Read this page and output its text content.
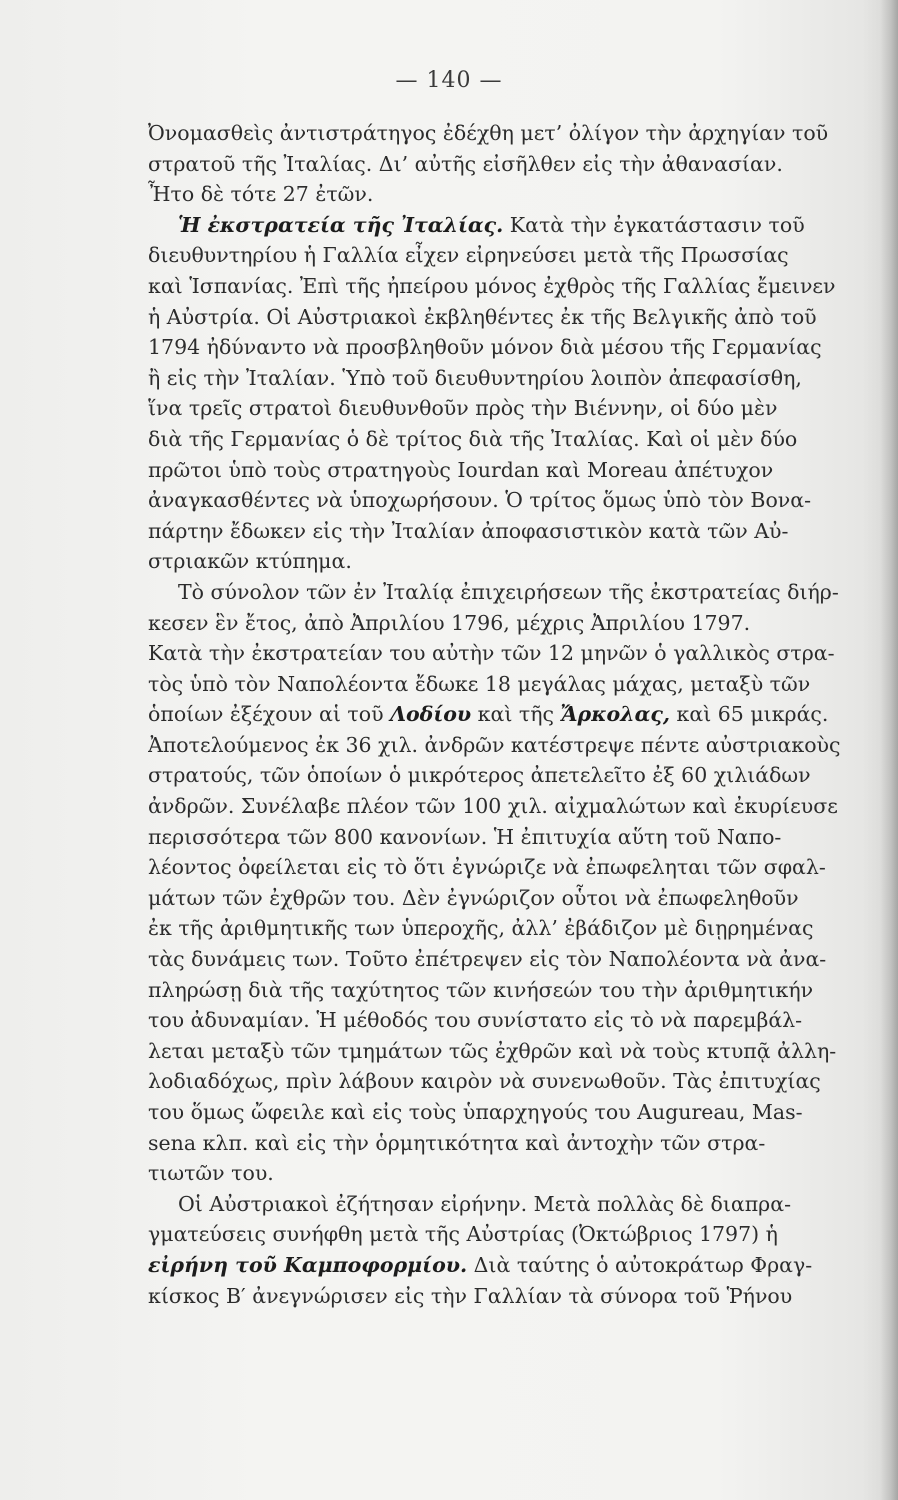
— 140 —
Ὀνομασθεὶς ἀντιστράτηγος ἐδέχθη μετ’ ὀλίγον τὴν ἀρχηγίαν τοῦ
στρατοῦ τῆς Ἰταλίας. Δι’ αὐτῆς εἰσῆλθεν εἰς τὴν ἀθανασίαν.
Ἦτο δὲ τότε 27 ἐτῶν.
Ἡ ἐκστρατεία τῆς Ἰταλίας. Κατὰ τὴν ἐγκατάστασιν τοῦ
διευθυντηρίου ἡ Γαλλία εἶχεν εἰρηνεύσει μετὰ τῆς Πρωσσίας
καὶ Ἱσπανίας. Ἐπὶ τῆς ἠπείρου μόνος ἐχθρὸς τῆς Γαλλίας ἔμεινεν
ἡ Αὐστρία. Οἱ Αὐστριακοὶ ἐκβληθέντες ἐκ τῆς Βελγικῆς ἀπὸ τοῦ
1794 ἠδύναντο νὰ προσβληθοῦν μόνον διὰ μέσου τῆς Γερμανίας
ἢ εἰς τὴν Ἰταλίαν. Ὑπὸ τοῦ διευθυντηρίου λοιπὸν ἀπεφασίσθη,
ἵνα τρεῖς στρατοὶ διευθυνθοῦν πρὸς τὴν Βιέννην, οἱ δύο μὲν
διὰ τῆς Γερμανίας ὁ δὲ τρίτος διὰ τῆς Ἰταλίας. Καὶ οἱ μὲν δύο
πρῶτοι ὑπὸ τοὺς στρατηγοὺς Iourdan καὶ Moreau ἀπέτυχον
ἀναγκασθέντες νὰ ὑποχωρήσουν. Ὁ τρίτος ὅμως ὑπὸ τὸν Βονα-
πάρτην ἔδωκεν εἰς τὴν Ἰταλίαν ἀποφασιστικὸν κατὰ τῶν Αὐ-
στριακῶν κτύπημα.
Τὸ σύνολον τῶν ἐν Ἰταλίᾳ ἐπιχειρήσεων τῆς ἐκστρατείας διήρ-
κεσεν ἓν ἔτος, ἀπὸ Ἀπριλίου 1796, μέχρις Ἀπριλίου 1797.
Κατὰ τὴν ἐκστρατείαν του αὐτὴν τῶν 12 μηνῶν ὁ γαλλικὸς στρα-
τὸς ὑπὸ τὸν Ναπολέοντα ἔδωκε 18 μεγάλας μάχας, μεταξὺ τῶν
ὁποίων ἐξέχουν αἱ τοῦ Λοδίου καὶ τῆς Ἄρκολας, καὶ 65 μικράς.
Ἀποτελούμενος ἐκ 36 χιλ. ἀνδρῶν κατέστρεψε πέντε αὐστριακοὺς
στρατούς, τῶν ὁποίων ὁ μικρότερος ἀπετελεῖτο ἐξ 60 χιλιάδων
ἀνδρῶν. Συνέλαβε πλέον τῶν 100 χιλ. αἰχμαλώτων καὶ ἐκυρίευσε
περισσότερα τῶν 800 κανονίων. Ἡ ἐπιτυχία αὕτη τοῦ Ναπο-
λέοντος ὀφείλεται εἰς τὸ ὅτι ἐγνώριζε νὰ ἐπωφεληται τῶν σφαλ-
μάτων τῶν ἐχθρῶν του. Δὲν ἐγνώριζον οὗτοι νὰ ἐπωφεληθοῦν
ἐκ τῆς ἀριθμητικῆς των ὑπεροχῆς, ἀλλ’ ἐβάδιζον μὲ διῃρημένας
τὰς δυνάμεις των. Τοῦτο ἐπέτρεψεν εἰς τὸν Ναπολέοντα νὰ ἀνα-
πληρώσῃ διὰ τῆς ταχύτητος τῶν κινήσεών του τὴν ἀριθμητικήν
του ἀδυναμίαν. Ἡ μέθοδός του συνίστατο εἰς τὸ νὰ παρεμβάλ-
λεται μεταξὺ τῶν τμημάτων τῶς ἐχθρῶν καὶ νὰ τοὺς κτυπᾷ ἀλλη-
λοδιαδόχως, πρὶν λάβουν καιρὸν νὰ συνενωθοῦν. Τὰς ἐπιτυχίας
του ὅμως ὤφειλε καὶ εἰς τοὺς ὑπαρχηγούς του Augureau, Mas-
sena κλπ. καὶ εἰς τὴν ὁρμητικότητα καὶ ἀντοχὴν τῶν στρα-
τιωτῶν του.
Οἱ Αὐστριακοὶ ἐζήτησαν εἰρήνην. Μετὰ πολλὰς δὲ διαπρα-
γματεύσεις συνήφθη μετὰ τῆς Αὐστρίας (Ὀκτώβριος 1797) ἡ
εἰρήνη τοῦ Καμποφορμίου. Διὰ ταύτης ὁ αὐτοκράτωρ Φραγ-
κίσκος Β′ ἀνεγνώρισεν εἰς τὴν Γαλλίαν τὰ σύνορα τοῦ Ῥήνου
